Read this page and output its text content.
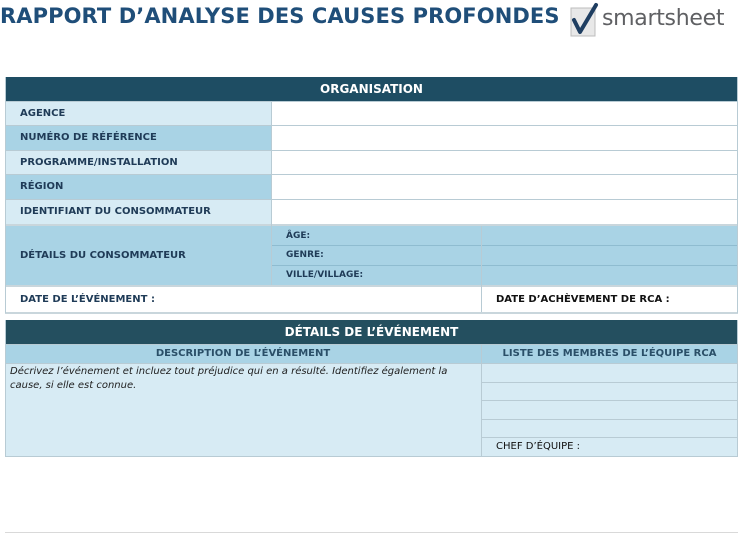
RAPPORT D’ANALYSE DES CAUSES PROFONDES smartsheet
ORGANISATION
AGENCE
NUMÉRO DE RÉFÉRENCE
PROGRAMME/INSTALLATION
RÉGION
IDENTIFIANT DU CONSOMMATEUR
DÉTAILS DU CONSOMMATEUR
ÂGE:
GENRE:
VILLE/VILLAGE:
DATE DE L’ÉVÉNEMENT :	DATE D’ACHÈVEMENT DE RCA :
DÉTAILS DE L’ÉVÉNEMENT
DESCRIPTION DE L’ÉVÉNEMENT	LISTE DES MEMBRES DE L’ÉQUIPE RCA
Décrivez l’événement et incluez tout préjudice qui en a résulté. Identifiez également la cause, si elle est connue.
CHEF D’ÉQUIPE :
